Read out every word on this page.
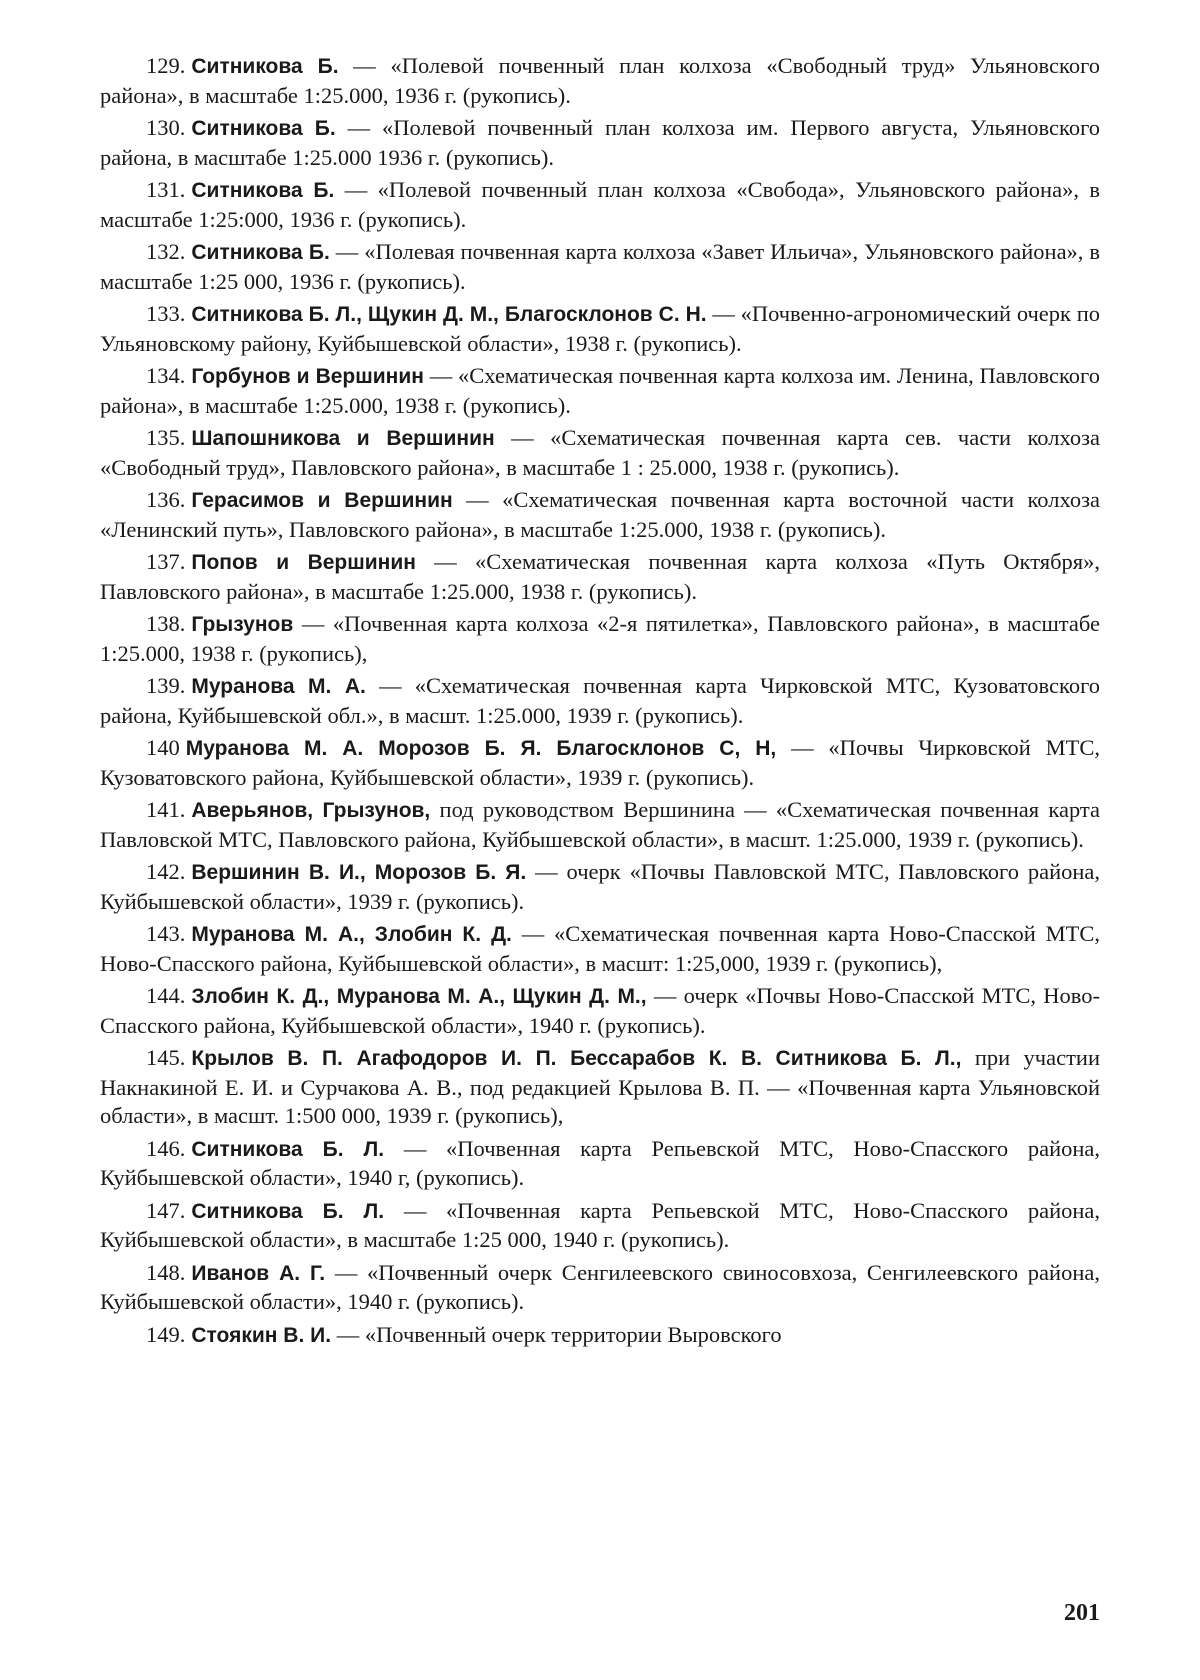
129. Ситникова Б. — «Полевой почвенный план колхоза «Свободный труд» Ульяновского района», в масштабе 1:25.000, 1936 г. (рукопись).

130. Ситникова Б. — «Полевой почвенный план колхоза им. Первого августа, Ульяновского района, в масштабе 1:25.000 1936 г. (рукопись).

131. Ситникова Б. — «Полевой почвенный план колхоза «Свобода», Ульяновского района», в масштабе 1:25:000, 1936 г. (рукопись).

132. Ситникова Б. — «Полевая почвенная карта колхоза «Завет Ильича», Ульяновского района», в масштабе 1:25 000, 1936 г. (рукопись).

133. Ситникова Б. Л., Щукин Д. М., Благосклонов С. Н. — «Почвенно-агрономический очерк по Ульяновскому району, Куйбышевской области», 1938 г. (рукопись).

134. Горбунов и Вершинин — «Схематическая почвенная карта колхоза им. Ленина, Павловского района», в масштабе 1:25.000, 1938 г. (рукопись).

135. Шапошникова и Вершинин — «Схематическая почвенная карта сев. части колхоза «Свободный труд», Павловского района», в масштабе 1 : 25.000, 1938 г. (рукопись).

136. Герасимов и Вершинин — «Схематическая почвенная карта восточной части колхоза «Ленинский путь», Павловского района», в масштабе 1:25.000, 1938 г. (рукопись).

137. Попов и Вершинин — «Схематическая почвенная карта колхоза «Путь Октября», Павловского района», в масштабе 1:25.000, 1938 г. (рукопись).

138. Грызунов — «Почвенная карта колхоза «2-я пятилетка», Павловского района», в масштабе 1:25.000, 1938 г. (рукопись),

139. Муранова М. А. — «Схематическая почвенная карта Чирковской МТС, Кузоватовского района, Куйбышевской обл.», в масшт. 1:25.000, 1939 г. (рукопись).

140 Муранова М. А. Морозов Б. Я. Благосклонов С, Н, — «Почвы Чирковской МТС, Кузоватовского района, Куйбышевской области», 1939 г. (рукопись).

141. Аверьянов, Грызунов, под руководством Вершинина — «Схематическая почвенная карта Павловской МТС, Павловского района, Куйбышевской области», в масшт. 1:25.000, 1939 г. (рукопись).

142. Вершинин В. И., Морозов Б. Я. — очерк «Почвы Павловской МТС, Павловского района, Куйбышевской области», 1939 г. (рукопись).

143. Муранова М. А., Злобин К. Д. — «Схематическая почвенная карта Ново-Спасской МТС, Ново-Спасского района, Куйбышевской области», в масшт: 1:25,000, 1939 г. (рукопись),

144. Злобин К. Д., Муранова М. А., Щукин Д. М., — очерк «Почвы Ново-Спасской МТС, Ново-Спасского района, Куйбышевской области», 1940 г. (рукопись).

145. Крылов В. П. Агафодоров И. П. Бессарабов К. В. Ситникова Б. Л., при участии Накнакиной Е. И. и Сурчакова А. В., под редакцией Крылова В. П. — «Почвенная карта Ульяновской области», в масшт. 1:500 000, 1939 г. (рукопись),

146. Ситникова Б. Л. — «Почвенная карта Репьевской МТС, Ново-Спасского района, Куйбышевской области», 1940 г, (рукопись).

147. Ситникова Б. Л. — «Почвенная карта Репьевской МТС, Ново-Спасского района, Куйбышевской области», в масштабе 1:25 000, 1940 г. (рукопись).

148. Иванов А. Г. — «Почвенный очерк Сенгилеевского свиносовхоза, Сенгилеевского района, Куйбышевской области», 1940 г. (рукопись).

149. Стоякин В. И. — «Почвенный очерк территории Выровского

201
